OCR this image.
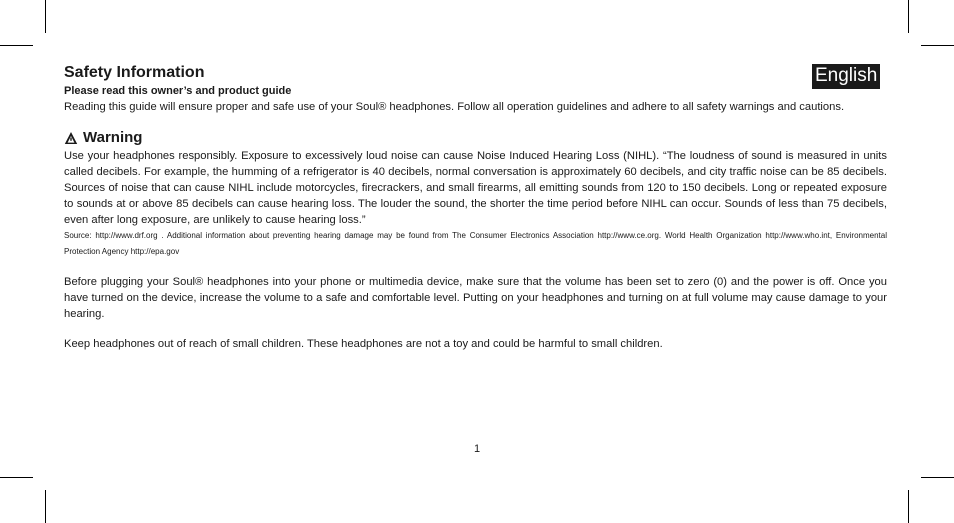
English
Safety Information

Please read this owner’s and product guide

Reading this guide will ensure proper and safe use of your Soul® headphones. Follow all operation guidelines and adhere to all safety warnings and cautions.

Warning

Use your headphones responsibly. Exposure to excessively loud noise can cause Noise Induced Hearing Loss (NIHL). “The loudness of sound is measured in units called decibels. For example, the humming of a refrigerator is 40 decibels, normal conversation is approximately 60 decibels, and city traffic noise can be 85 decibels. Sources of noise that can cause NIHL include motorcycles, firecrackers, and small firearms, all emitting sounds from 120 to 150 decibels. Long or repeated exposure to sounds at or above 85 decibels can cause hearing loss. The louder the sound, the shorter the time period before NIHL can occur. Sounds of less than 75 decibels, even after long exposure, are unlikely to cause hearing loss.”

Source: http://www.drf.org . Additional information about preventing hearing damage may be found from The Consumer Electronics Association http://www.ce.org. World Health Organization http://www.who.int, Environmental Protection Agency http://epa.gov

Before plugging your Soul® headphones into your phone or multimedia device, make sure that the volume has been set to zero (0) and the power is off. Once you have turned on the device, increase the volume to a safe and comfortable level. Putting on your headphones and turning on at full volume may cause damage to your hearing.

Keep headphones out of reach of small children. These headphones are not a toy and could be harmful to small children.

1
